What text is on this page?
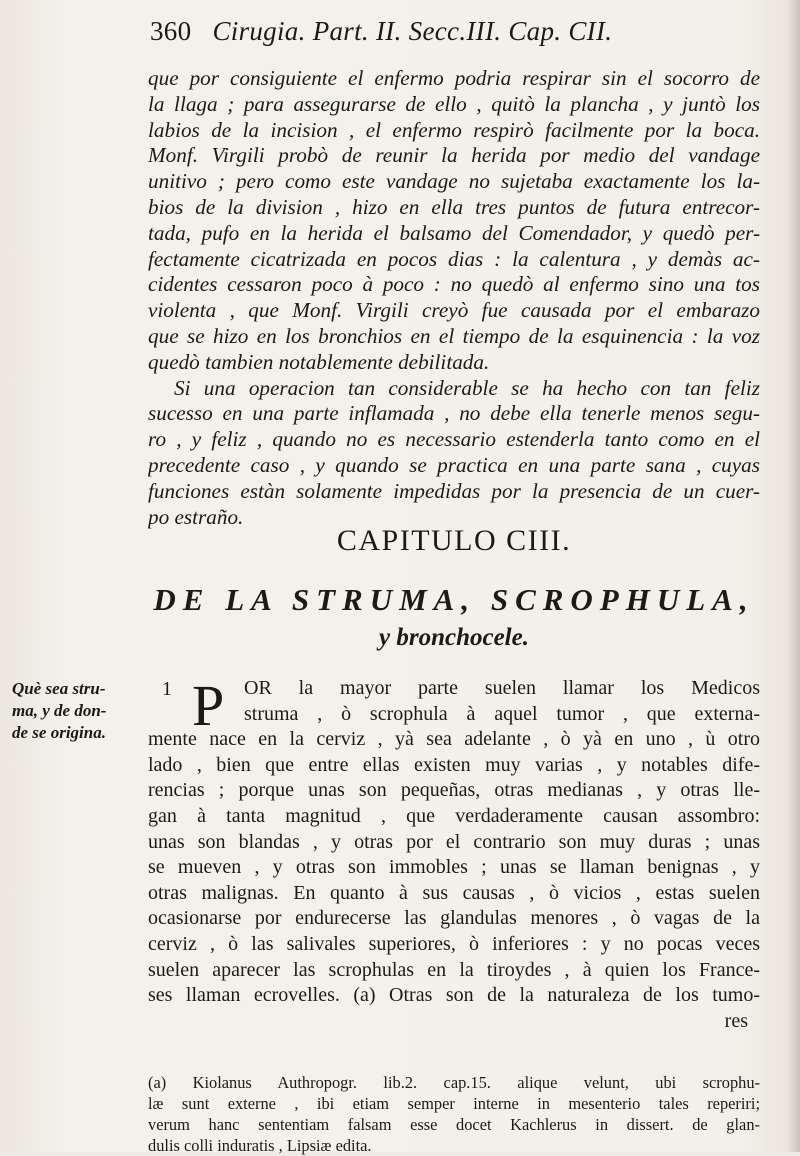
360 Cirugia. Part. II. Secc.III. Cap. CII.
que por consiguiente el enfermo podria respirar sin el socorro de
la llaga ; para assegurarse de ello , quitò la plancha , y juntò los
labios de la incision , el enfermo respirò facilmente por la boca.
Monf. Virgili probò de reunir la herida por medio del vandage
unitivo ; pero como este vandage no sujetaba exactamente los la-
bios de la division , hizo en ella tres puntos de futura entrecor-
tada, pufo en la herida el balsamo del Comendador, y quedò per-
fectamente cicatrizada en pocos dias : la calentura , y demàs ac-
cidentes cessaron poco à poco : no quedò al enfermo sino una tos
violenta , que Monf. Virgili creyò fue causada por el embarazo
que se hizo en los bronchios en el tiempo de la esquinencia : la voz
quedò tambien notablemente debilitada.
Si una operacion tan considerable se ha hecho con tan feliz
sucesso en una parte inflamada , no debe ella tenerle menos segu-
ro , y feliz , quando no es necessario estenderla tanto como en el
precedente caso , y quando se practica en una parte sana , cuyas
funciones estàn solamente impedidas por la presencia de un cuer-
po estraño.
CAPITULO CIII.
DE LA STRUMA, SCROPHULA,
y bronchocele.
Què sea stru-
ma, y de don-
de se origina.
1 P OR la mayor parte suelen llamar los Medicos
struma , ò scrophula à aquel tumor , que externa-
mente nace en la cerviz , yà sea adelante , ò yà en uno , ù otro
lado , bien que entre ellas existen muy varias , y notables dife-
rencias ; porque unas son pequeñas, otras medianas , y otras lle-
gan à tanta magnitud , que verdaderamente causan assombro:
unas son blandas , y otras por el contrario son muy duras ; unas
se mueven , y otras son immobles ; unas se llaman benignas , y
otras malignas. En quanto à sus causas , ò vicios , estas suelen
ocasionarse por endurecerse las glandulas menores , ò vagas de la
cerviz , ò las salivales superiores, ò inferiores : y no pocas veces
suelen aparecer las scrophulas en la tiroydes , à quien los France-
ses llaman ecrovelles. (a) Otras son de la naturaleza de los tumo-
res
(a) Kiolanus Authropogr. lib.2. cap.15. alique velunt, ubi scrophu-
læ sunt externe , ibi etiam semper interne in mesenterio tales reperiri;
verum hanc sententiam falsam esse docet Kachlerus in dissert. de glan-
dulis colli induratis , Lipsiæ edita.
